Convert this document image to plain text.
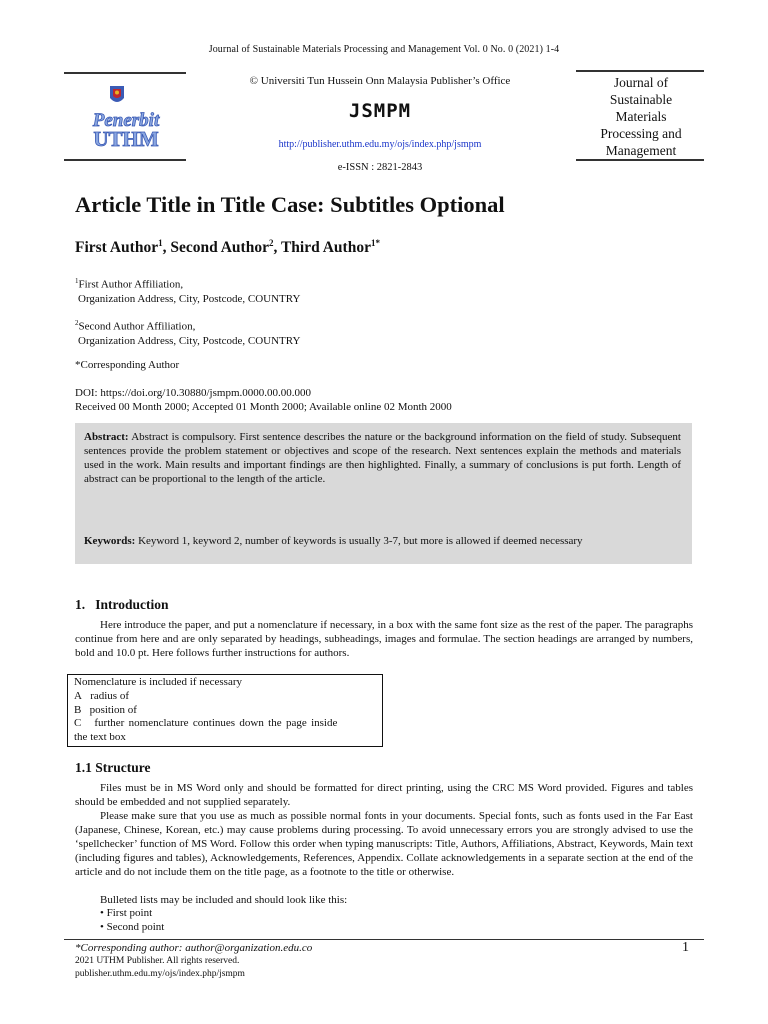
Journal of Sustainable Materials Processing and Management Vol. 0 No. 0 (2021) 1-4
Penerbit
UTHM
© Universiti Tun Hussein Onn Malaysia Publisher’s Office
JSMPM
http://publisher.uthm.edu.my/ojs/index.php/jsmpm
e-ISSN : 2821-2843
Journal of
Sustainable
Materials
Processing and
Management
Article Title in Title Case: Subtitles Optional
First Author$^1$, Second Author$^2$, Third Author$^{1*}$
$^1$First Author Affiliation,
Organization Address, City, Postcode, COUNTRY
$^2$Second Author Affiliation,
Organization Address, City, Postcode, COUNTRY
*Corresponding Author
DOI: https://doi.org/10.30880/jsmpm.0000.00.00.000
Received 00 Month 2000; Accepted 01 Month 2000; Available online 02 Month 2000
Abstract: Abstract is compulsory. First sentence describes the nature or the background information on the field of study. Subsequent sentences provide the problem statement or objectives and scope of the research. Next sentences explain the methods and materials used in the work. Main results and important findings are then highlighted. Finally, a summary of conclusions is put forth. Length of abstract can be proportional to the length of the article.
Keywords: Keyword 1, keyword 2, number of keywords is usually 3-7, but more is allowed if deemed necessary
1.   Introduction
Here introduce the paper, and put a nomenclature if necessary, in a box with the same font size as the rest of the paper. The paragraphs continue from here and are only separated by headings, subheadings, images and formulae. The section headings are arranged by numbers, bold and 10.0 pt. Here follows further instructions for authors.
Nomenclature is included if necessary
A   radius of
B   position of
C   further nomenclature continues down the page inside
the text box
1.1 Structure
Files must be in MS Word only and should be formatted for direct printing, using the CRC MS Word provided. Figures and tables should be embedded and not supplied separately.
Please make sure that you use as much as possible normal fonts in your documents. Special fonts, such as fonts used in the Far East (Japanese, Chinese, Korean, etc.) may cause problems during processing. To avoid unnecessary errors you are strongly advised to use the ‘spellchecker’ function of MS Word. Follow this order when typing manuscripts: Title, Authors, Affiliations, Abstract, Keywords, Main text (including figures and tables), Acknowledgements, References, Appendix. Collate acknowledgements in a separate section at the end of the article and do not include them on the title page, as a footnote to the title or otherwise.
Bulleted lists may be included and should look like this:
• First point
• Second point
*Corresponding author: author@organization.edu.co
2021 UTHM Publisher. All rights reserved.
publisher.uthm.edu.my/ojs/index.php/jsmpm
1
